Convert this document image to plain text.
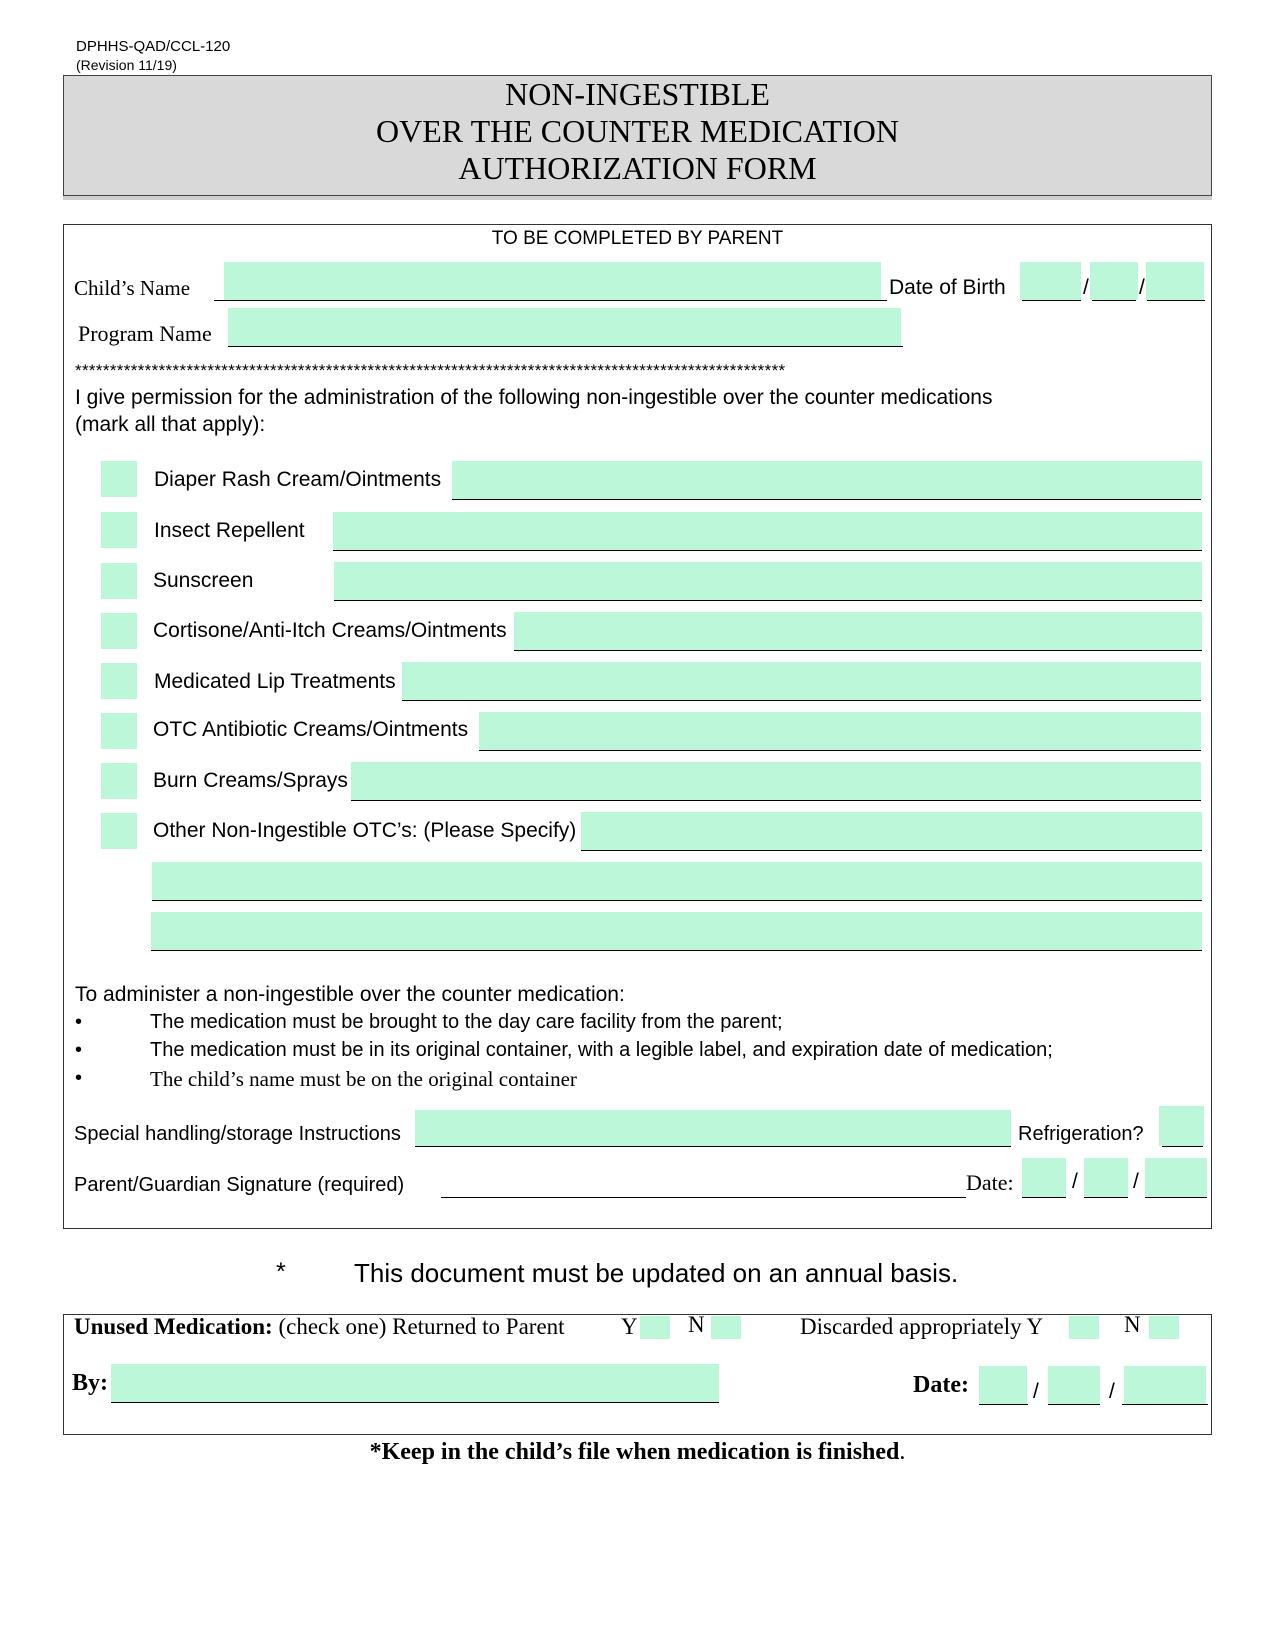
DPHHS-QAD/CCL-120
(Revision 11/19)
NON-INGESTIBLE
OVER THE COUNTER MEDICATION
AUTHORIZATION FORM
TO BE COMPLETED BY PARENT
Child’s Name	Date of Birth	/ /
Program Name
******************************************************************************************************
I give permission for the administration of the following non-ingestible over the counter medications
(mark all that apply):
Diaper Rash Cream/Ointments
Insect Repellent
Sunscreen
Cortisone/Anti-Itch Creams/Ointments
Medicated Lip Treatments
OTC Antibiotic Creams/Ointments
Burn Creams/Sprays
Other Non-Ingestible OTC’s: (Please Specify)
To administer a non-ingestible over the counter medication:
•	The medication must be brought to the day care facility from the parent;
•	The medication must be in its original container, with a legible label, and expiration date of medication;
•	The child’s name must be on the original container
Special handling/storage Instructions	Refrigeration?
Parent/Guardian Signature (required)	Date:	/	/
*	This document must be updated on an annual basis.
Unused Medication: (check one) Returned to Parent Y N	Discarded appropriately Y	N
By:	Date:	/	/
*Keep in the child’s file when medication is finished.
